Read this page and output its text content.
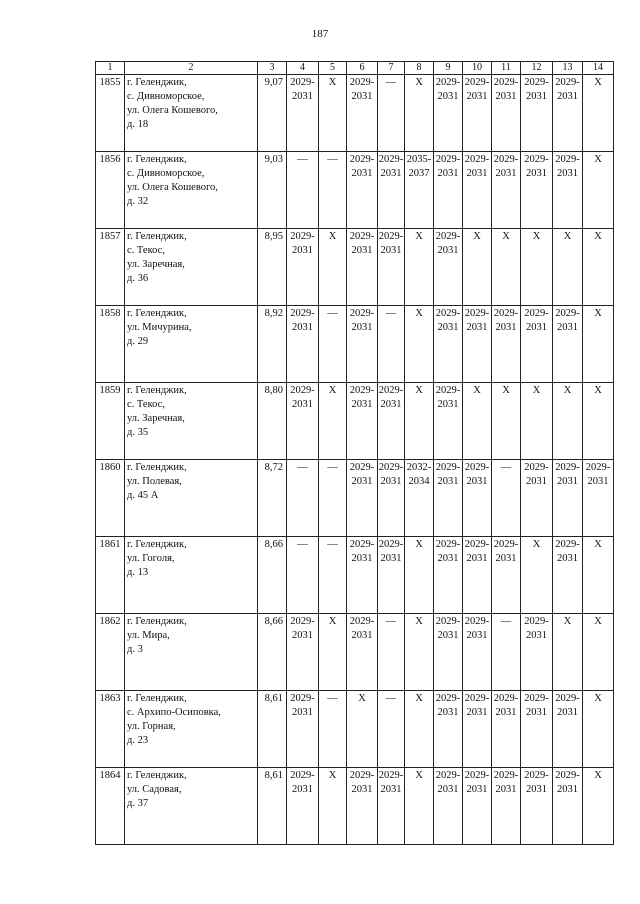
187
1	2	3	4	5	6	7	8	9	10	11	12	13	14
1855	г. Геленджик,
с. Дивноморское,
ул. Олега Кошевого,
д. 18	9,07	2029-
2031	X	2029-
2031	—	X	2029-
2031	2029-
2031	2029-
2031	2029-
2031	2029-
2031	X

1856	г. Геленджик,
с. Дивноморское,
ул. Олега Кошевого,
д. 32	9,03	—	—	2029-
2031	2029-
2031	2035-
2037	2029-
2031	2029-
2031	2029-
2031	2029-
2031	2029-
2031	X

1857	г. Геленджик,
с. Текос,
ул. Заречная,
д. 36	8,95	2029-
2031	X	2029-
2031	2029-
2031	X	2029-
2031	X	X	X	X	X

1858	г. Геленджик,
ул. Мичурина,
д. 29	8,92	2029-
2031	—	2029-
2031	—	X	2029-
2031	2029-
2031	2029-
2031	2029-
2031	2029-
2031	X

1859	г. Геленджик,
с. Текос,
ул. Заречная,
д. 35	8,80	2029-
2031	X	2029-
2031	2029-
2031	X	2029-
2031	X	X	X	X	X

1860	г. Геленджик,
ул. Полевая,
д. 45 А	8,72	—	—	2029-
2031	2029-
2031	2032-
2034	2029-
2031	2029-
2031	—	2029-
2031	2029-
2031	2029-
2031

1861	г. Геленджик,
ул. Гоголя,
д. 13	8,66	—	—	2029-
2031	2029-
2031	X	2029-
2031	2029-
2031	2029-
2031	X	2029-
2031	X

1862	г. Геленджик,
ул. Мира,
д. 3	8,66	2029-
2031	X	2029-
2031	—	X	2029-
2031	2029-
2031	—	2029-
2031	X	X

1863	г. Геленджик,
с. Архипо-Осиповка,
ул. Горная,
д. 23	8,61	2029-
2031	—	X	—	X	2029-
2031	2029-
2031	2029-
2031	2029-
2031	2029-
2031	X

1864	г. Геленджик,
ул. Садовая,
д. 37	8,61	2029-
2031	X	2029-
2031	2029-
2031	X	2029-
2031	2029-
2031	2029-
2031	2029-
2031	2029-
2031	X
